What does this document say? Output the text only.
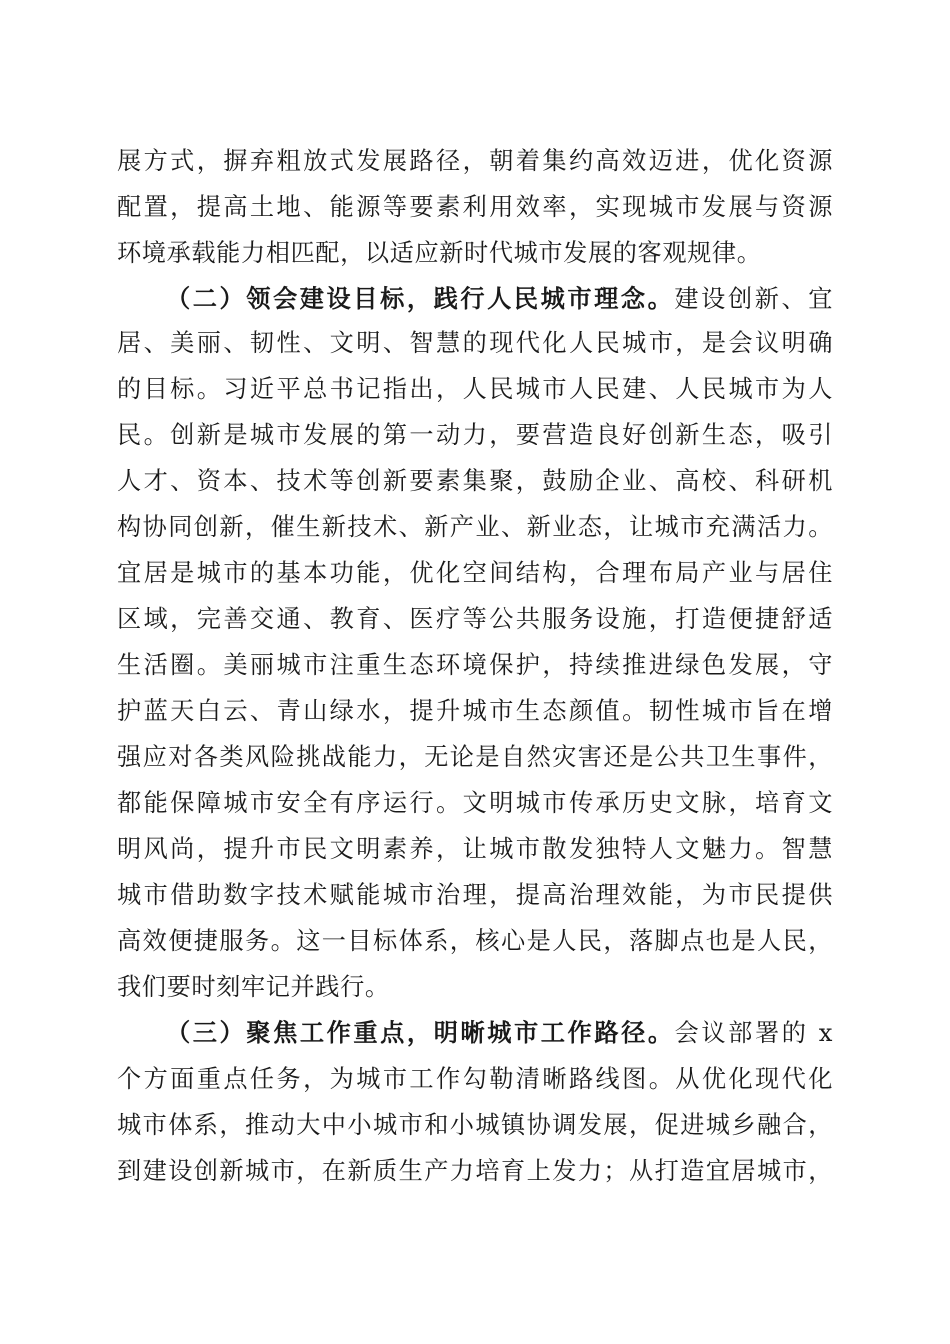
展方式，摒弃粗放式发展路径，朝着集约高效迈进，优化资源
配置，提高土地、能源等要素利用效率，实现城市发展与资源
环境承载能力相匹配，以适应新时代城市发展的客观规律。
（二）领会建设目标，践行人民城市理念。建设创新、宜
居、美丽、韧性、文明、智慧的现代化人民城市，是会议明确
的目标。习近平总书记指出，人民城市人民建、人民城市为人
民。创新是城市发展的第一动力，要营造良好创新生态，吸引
人才、资本、技术等创新要素集聚，鼓励企业、高校、科研机
构协同创新，催生新技术、新产业、新业态，让城市充满活力。
宜居是城市的基本功能，优化空间结构，合理布局产业与居住
区域，完善交通、教育、医疗等公共服务设施，打造便捷舒适
生活圈。美丽城市注重生态环境保护，持续推进绿色发展，守
护蓝天白云、青山绿水，提升城市生态颜值。韧性城市旨在增
强应对各类风险挑战能力，无论是自然灾害还是公共卫生事件，
都能保障城市安全有序运行。文明城市传承历史文脉，培育文
明风尚，提升市民文明素养，让城市散发独特人文魅力。智慧
城市借助数字技术赋能城市治理，提高治理效能，为市民提供
高效便捷服务。这一目标体系，核心是人民，落脚点也是人民，
我们要时刻牢记并践行。
（三）聚焦工作重点，明晰城市工作路径。会议部署的 x
个方面重点任务，为城市工作勾勒清晰路线图。从优化现代化
城市体系，推动大中小城市和小城镇协调发展，促进城乡融合，
到建设创新城市，在新质生产力培育上发力；从打造宜居城市，
